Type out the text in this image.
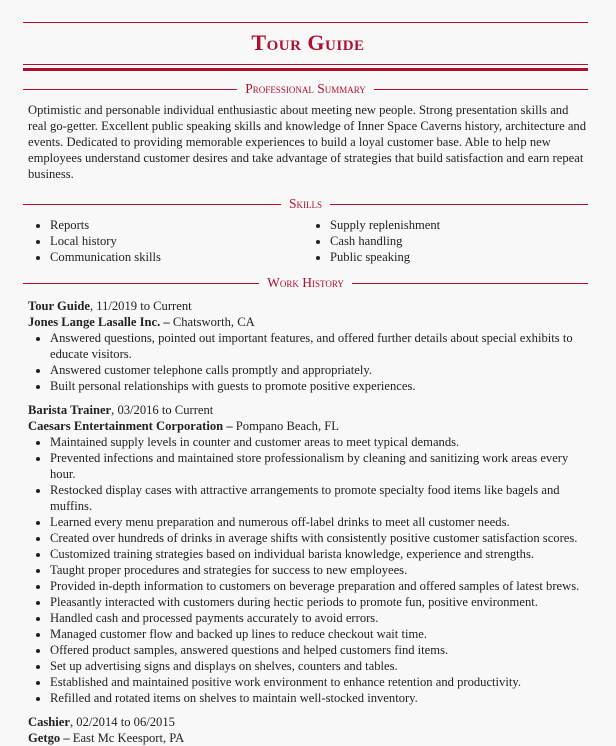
Tour Guide
Professional Summary

Optimistic and personable individual enthusiastic about meeting new people. Strong presentation skills and real go-getter. Excellent public speaking skills and knowledge of Inner Space Caverns history, architecture and events. Dedicated to providing memorable experiences to build a loyal customer base. Able to help new employees understand customer desires and take advantage of strategies that build satisfaction and earn repeat business.

Skills
• Reports
• Local history
• Communication skills
• Supply replenishment
• Cash handling
• Public speaking
Work History
Tour Guide, 11/2019 to Current
Jones Lange Lasalle Inc. – Chatsworth, CA
• Answered questions, pointed out important features, and offered further details about special exhibits to educate visitors.
• Answered customer telephone calls promptly and appropriately.
• Built personal relationships with guests to promote positive experiences.
Barista Trainer, 03/2016 to Current
Caesars Entertainment Corporation – Pompano Beach, FL
• Maintained supply levels in counter and customer areas to meet typical demands.
• Prevented infections and maintained store professionalism by cleaning and sanitizing work areas every hour.
• Restocked display cases with attractive arrangements to promote specialty food items like bagels and muffins.
• Learned every menu preparation and numerous off-label drinks to meet all customer needs.
• Created over hundreds of drinks in average shifts with consistently positive customer satisfaction scores.
• Customized training strategies based on individual barista knowledge, experience and strengths.
• Taught proper procedures and strategies for success to new employees.
• Provided in-depth information to customers on beverage preparation and offered samples of latest brews.
• Pleasantly interacted with customers during hectic periods to promote fun, positive environment.
• Handled cash and processed payments accurately to avoid errors.
• Managed customer flow and backed up lines to reduce checkout wait time.
• Offered product samples, answered questions and helped customers find items.
• Set up advertising signs and displays on shelves, counters and tables.
• Established and maintained positive work environment to enhance retention and productivity.
• Refilled and rotated items on shelves to maintain well-stocked inventory.
Cashier, 02/2014 to 06/2015
Getgo – East Mc Keesport, PA
